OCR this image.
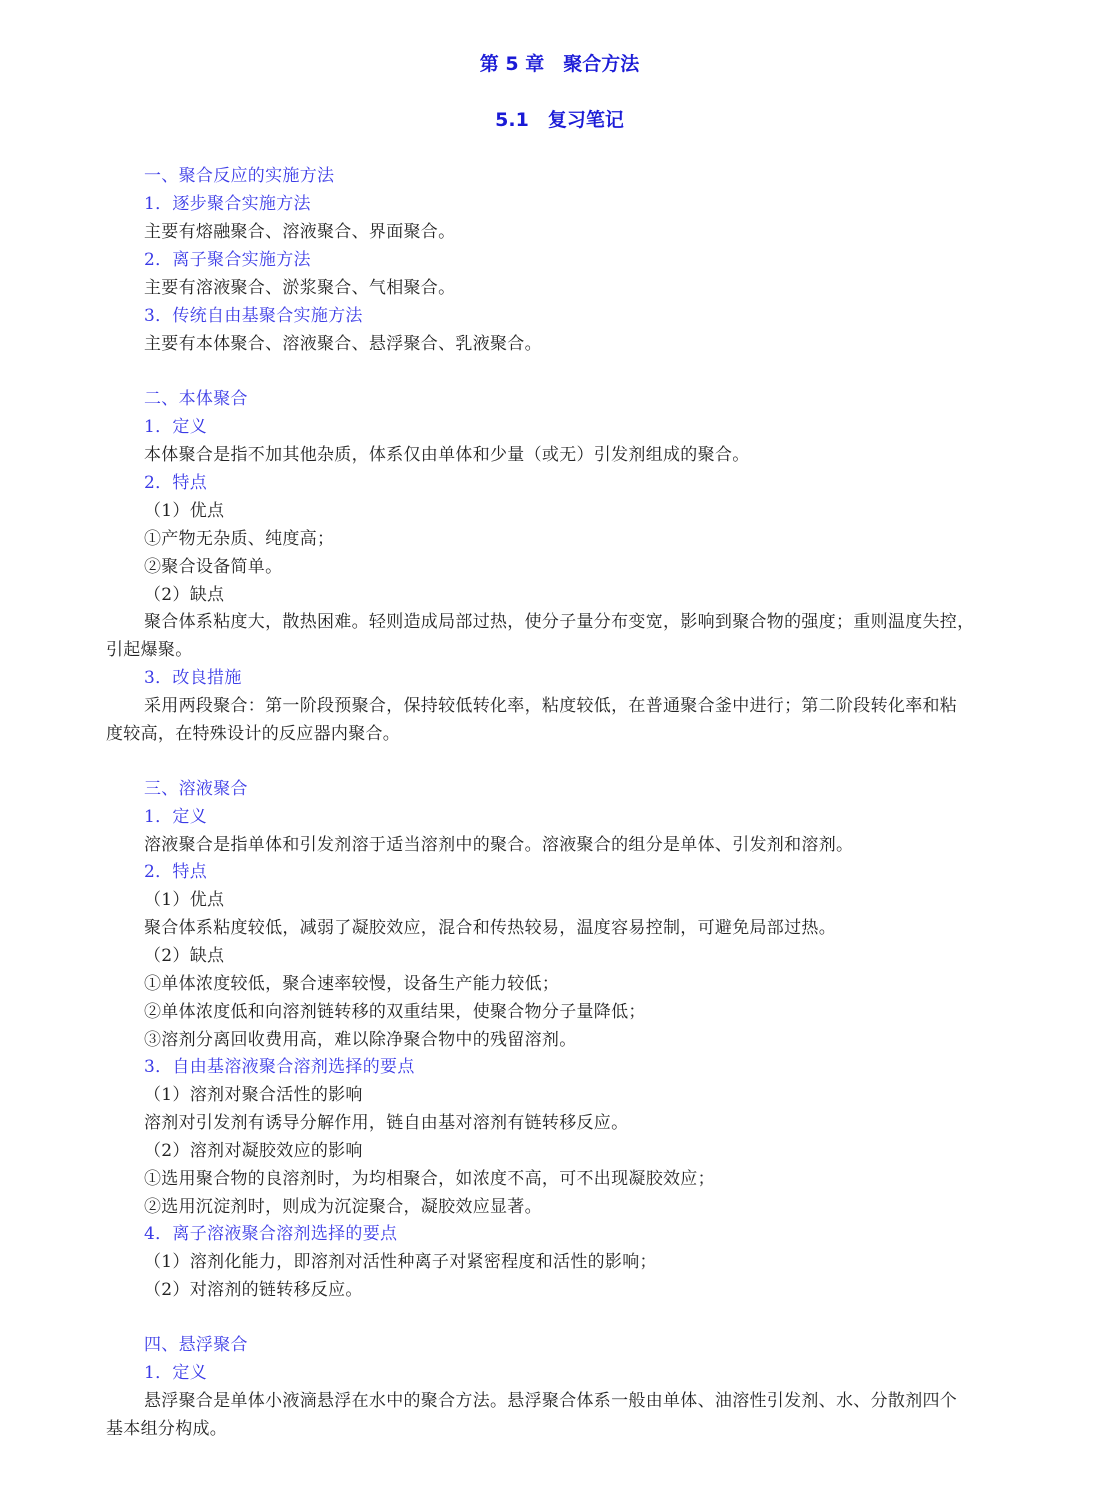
第 5 章　聚合方法
5.1　复习笔记
一、聚合反应的实施方法
1．逐步聚合实施方法
主要有熔融聚合、溶液聚合、界面聚合。
2．离子聚合实施方法
主要有溶液聚合、淤浆聚合、气相聚合。
3．传统自由基聚合实施方法
主要有本体聚合、溶液聚合、悬浮聚合、乳液聚合。
二、本体聚合
1．定义
本体聚合是指不加其他杂质，体系仅由单体和少量（或无）引发剂组成的聚合。
2．特点
（1）优点
①产物无杂质、纯度高；
②聚合设备简单。
（2）缺点
聚合体系粘度大，散热困难。轻则造成局部过热，使分子量分布变宽，影响到聚合物的强度；重则温度失控，
引起爆聚。
3．改良措施
采用两段聚合：第一阶段预聚合，保持较低转化率，粘度较低，在普通聚合釜中进行；第二阶段转化率和粘
度较高，在特殊设计的反应器内聚合。
三、溶液聚合
1．定义
溶液聚合是指单体和引发剂溶于适当溶剂中的聚合。溶液聚合的组分是单体、引发剂和溶剂。
2．特点
（1）优点
聚合体系粘度较低，减弱了凝胶效应，混合和传热较易，温度容易控制，可避免局部过热。
（2）缺点
①单体浓度较低，聚合速率较慢，设备生产能力较低；
②单体浓度低和向溶剂链转移的双重结果，使聚合物分子量降低；
③溶剂分离回收费用高，难以除净聚合物中的残留溶剂。
3．自由基溶液聚合溶剂选择的要点
（1）溶剂对聚合活性的影响
溶剂对引发剂有诱导分解作用，链自由基对溶剂有链转移反应。
（2）溶剂对凝胶效应的影响
①选用聚合物的良溶剂时，为均相聚合，如浓度不高，可不出现凝胶效应；
②选用沉淀剂时，则成为沉淀聚合，凝胶效应显著。
4．离子溶液聚合溶剂选择的要点
（1）溶剂化能力，即溶剂对活性种离子对紧密程度和活性的影响；
（2）对溶剂的链转移反应。
四、悬浮聚合
1．定义
悬浮聚合是单体小液滴悬浮在水中的聚合方法。悬浮聚合体系一般由单体、油溶性引发剂、水、分散剂四个
基本组分构成。
